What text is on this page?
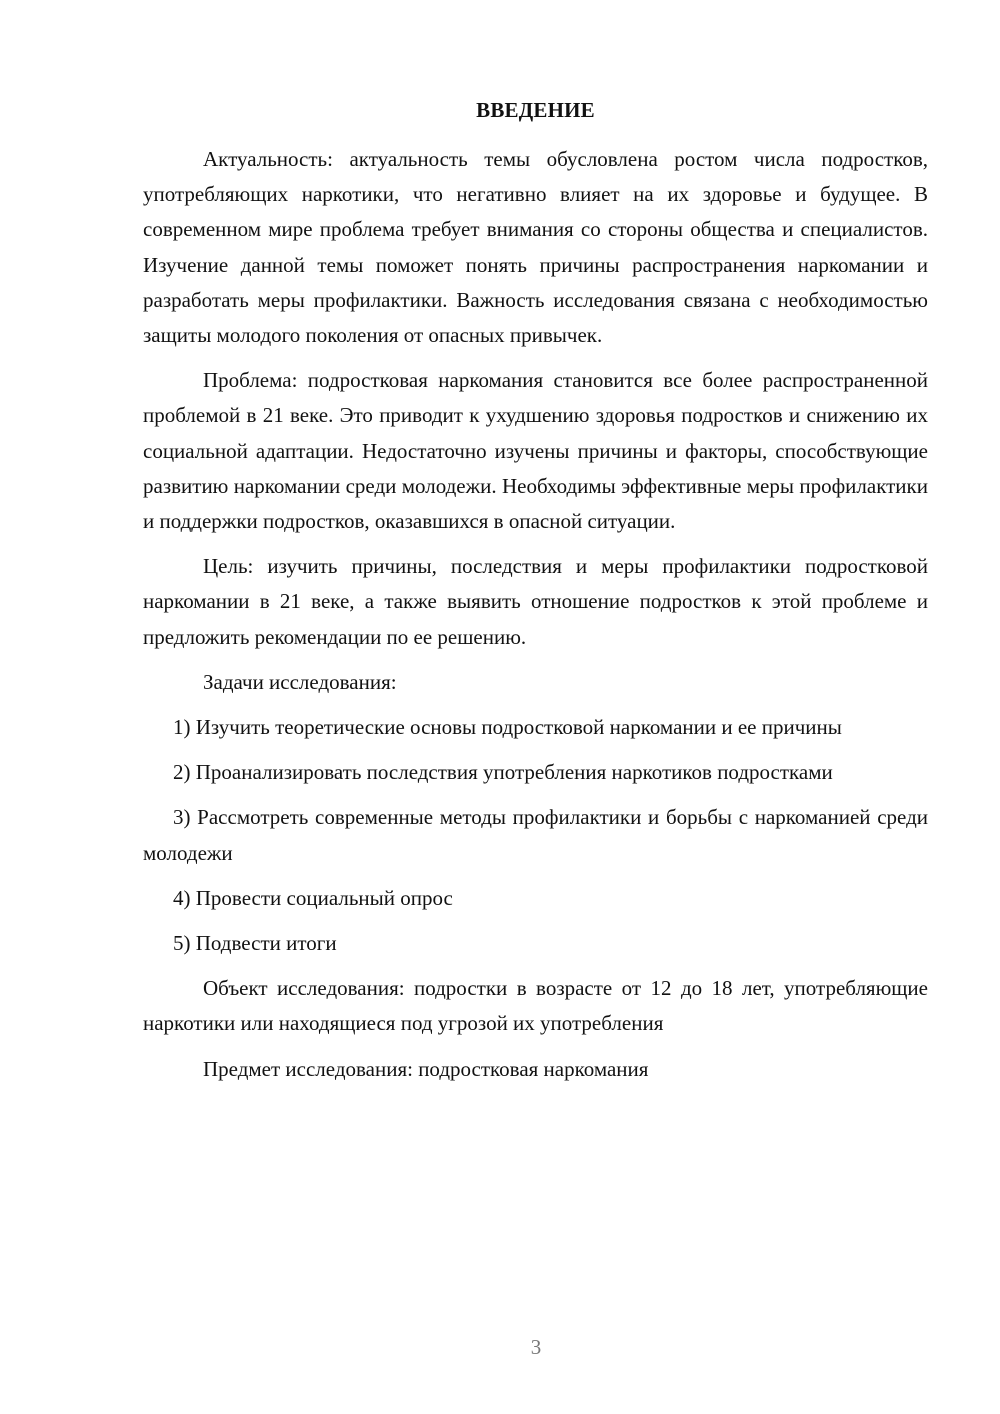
ВВЕДЕНИЕ

Актуальность: актуальность темы обусловлена ростом числа подростков, употребляющих наркотики, что негативно влияет на их здоровье и будущее. В современном мире проблема требует внимания со стороны общества и специалистов. Изучение данной темы поможет понять причины распространения наркомании и разработать меры профилактики. Важность исследования связана с необходимостью защиты молодого поколения от опасных привычек.

Проблема: подростковая наркомания становится все более распространенной проблемой в 21 веке. Это приводит к ухудшению здоровья подростков и снижению их социальной адаптации. Недостаточно изучены причины и факторы, способствующие развитию наркомании среди молодежи. Необходимы эффективные меры профилактики и поддержки подростков, оказавшихся в опасной ситуации.

Цель: изучить причины, последствия и меры профилактики подростковой наркомании в 21 веке, а также выявить отношение подростков к этой проблеме и предложить рекомендации по ее решению.

Задачи исследования:

1) Изучить теоретические основы подростковой наркомании и ее причины

2) Проанализировать последствия употребления наркотиков подростками

3) Рассмотреть современные методы профилактики и борьбы с наркоманией среди молодежи

4) Провести социальный опрос

5) Подвести итоги

Объект исследования: подростки в возрасте от 12 до 18 лет, употребляющие наркотики или находящиеся под угрозой их употребления

Предмет исследования: подростковая наркомания

3
